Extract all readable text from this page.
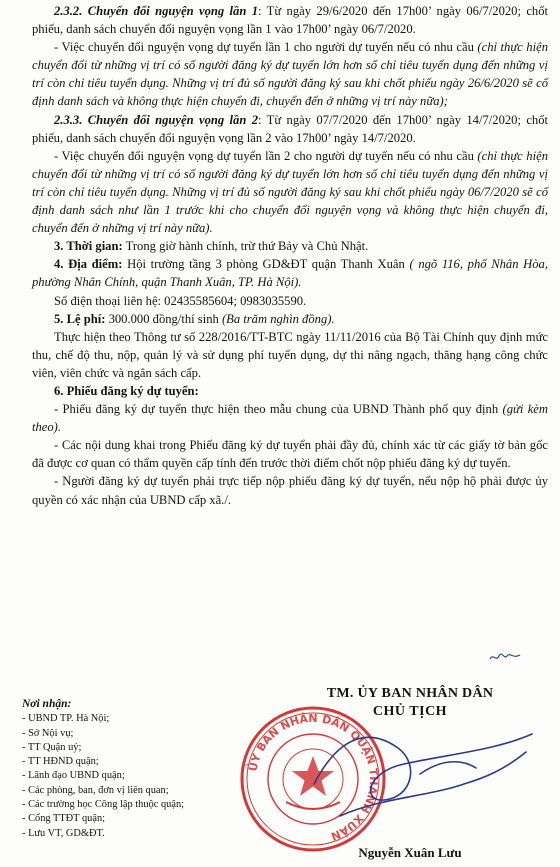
2.3.2. Chuyển đổi nguyện vọng lần 1: Từ ngày 29/6/2020 đến 17h00’ ngày 06/7/2020; chốt phiếu, danh sách chuyển đổi nguyện vọng lần 1 vào 17h00’ ngày 06/7/2020.

- Việc chuyển đổi nguyện vọng dự tuyển lần 1 cho người dự tuyển nếu có nhu cầu (chỉ thực hiện chuyển đổi từ những vị trí có số người đăng ký dự tuyển lớn hơn số chỉ tiêu tuyển dụng đến những vị trí còn chỉ tiêu tuyển dụng. Những vị trí đủ số người đăng ký sau khi chốt phiếu ngày 26/6/2020 sẽ cố định danh sách và không thực hiện chuyển đi, chuyển đến ở những vị trí này nữa);

2.3.3. Chuyển đổi nguyện vọng lần 2: Từ ngày 07/7/2020 đến 17h00’ ngày 14/7/2020; chốt phiếu, danh sách chuyển đổi nguyện vọng lần 2 vào 17h00’ ngày 14/7/2020.

- Việc chuyển đổi nguyện vọng dự tuyển lần 2 cho người dự tuyển nếu có nhu cầu (chỉ thực hiện chuyển đổi từ những vị trí có số người đăng ký dự tuyển lớn hơn số chỉ tiêu tuyển dụng đến những vị trí còn chỉ tiêu tuyển dụng. Những vị trí đủ số người đăng ký sau khi chốt phiếu ngày 06/7/2020 sẽ cố định danh sách như lần 1 trước khi cho chuyển đổi nguyện vọng và không thực hiện chuyển đi, chuyển đến ở những vị trí này nữa).

3. Thời gian: Trong giờ hành chính, trừ thứ Bảy và Chủ Nhật.

4. Địa điểm: Hội trường tầng 3 phòng GD&ĐT quận Thanh Xuân ( ngõ 116, phố Nhân Hòa, phường Nhân Chính, quận Thanh Xuân, TP. Hà Nội).

Số điện thoại liên hệ: 02435585604; 0983035590.

5. Lệ phí: 300.000 đồng/thí sinh (Ba trăm nghìn đồng).

Thực hiện theo Thông tư số 228/2016/TT-BTC ngày 11/11/2016 của Bộ Tài Chính quy định mức thu, chế độ thu, nộp, quản lý và sử dụng phí tuyển dụng, dự thi nâng ngạch, thăng hạng công chức viên, viên chức và ngân sách cấp.

6. Phiếu đăng ký dự tuyển:

- Phiếu đăng ký dự tuyển thực hiện theo mẫu chung của UBND Thành phố quy định (gửi kèm theo).

- Các nội dung khai trong Phiếu đăng ký dự tuyển phải đầy đủ, chính xác từ các giấy tờ bản gốc đã được cơ quan có thẩm quyền cấp tính đến trước thời điểm chốt nộp phiếu đăng ký dự tuyển.

- Người đăng ký dự tuyển phải trực tiếp nộp phiếu đăng ký dự tuyển, nếu nộp hộ phải được ủy quyền có xác nhận của UBND cấp xã./.

Nơi nhận:
- UBND TP. Hà Nội;
- Sở Nội vụ;
- TT Quận uỷ;
- TT HĐND quận;
- Lãnh đạo UBND quận;
- Các phòng, ban, đơn vị liên quan;
- Các trường học Công lập thuộc quận;
- Cổng TTĐT quận;
- Lưu VT, GD&ĐT.
TM. ỦY BAN NHÂN DÂN
CHỦ TỊCH
ỦY BAN NHÂN DÂN QUẬN THANH XUÂN
Nguyễn Xuân Lưu
